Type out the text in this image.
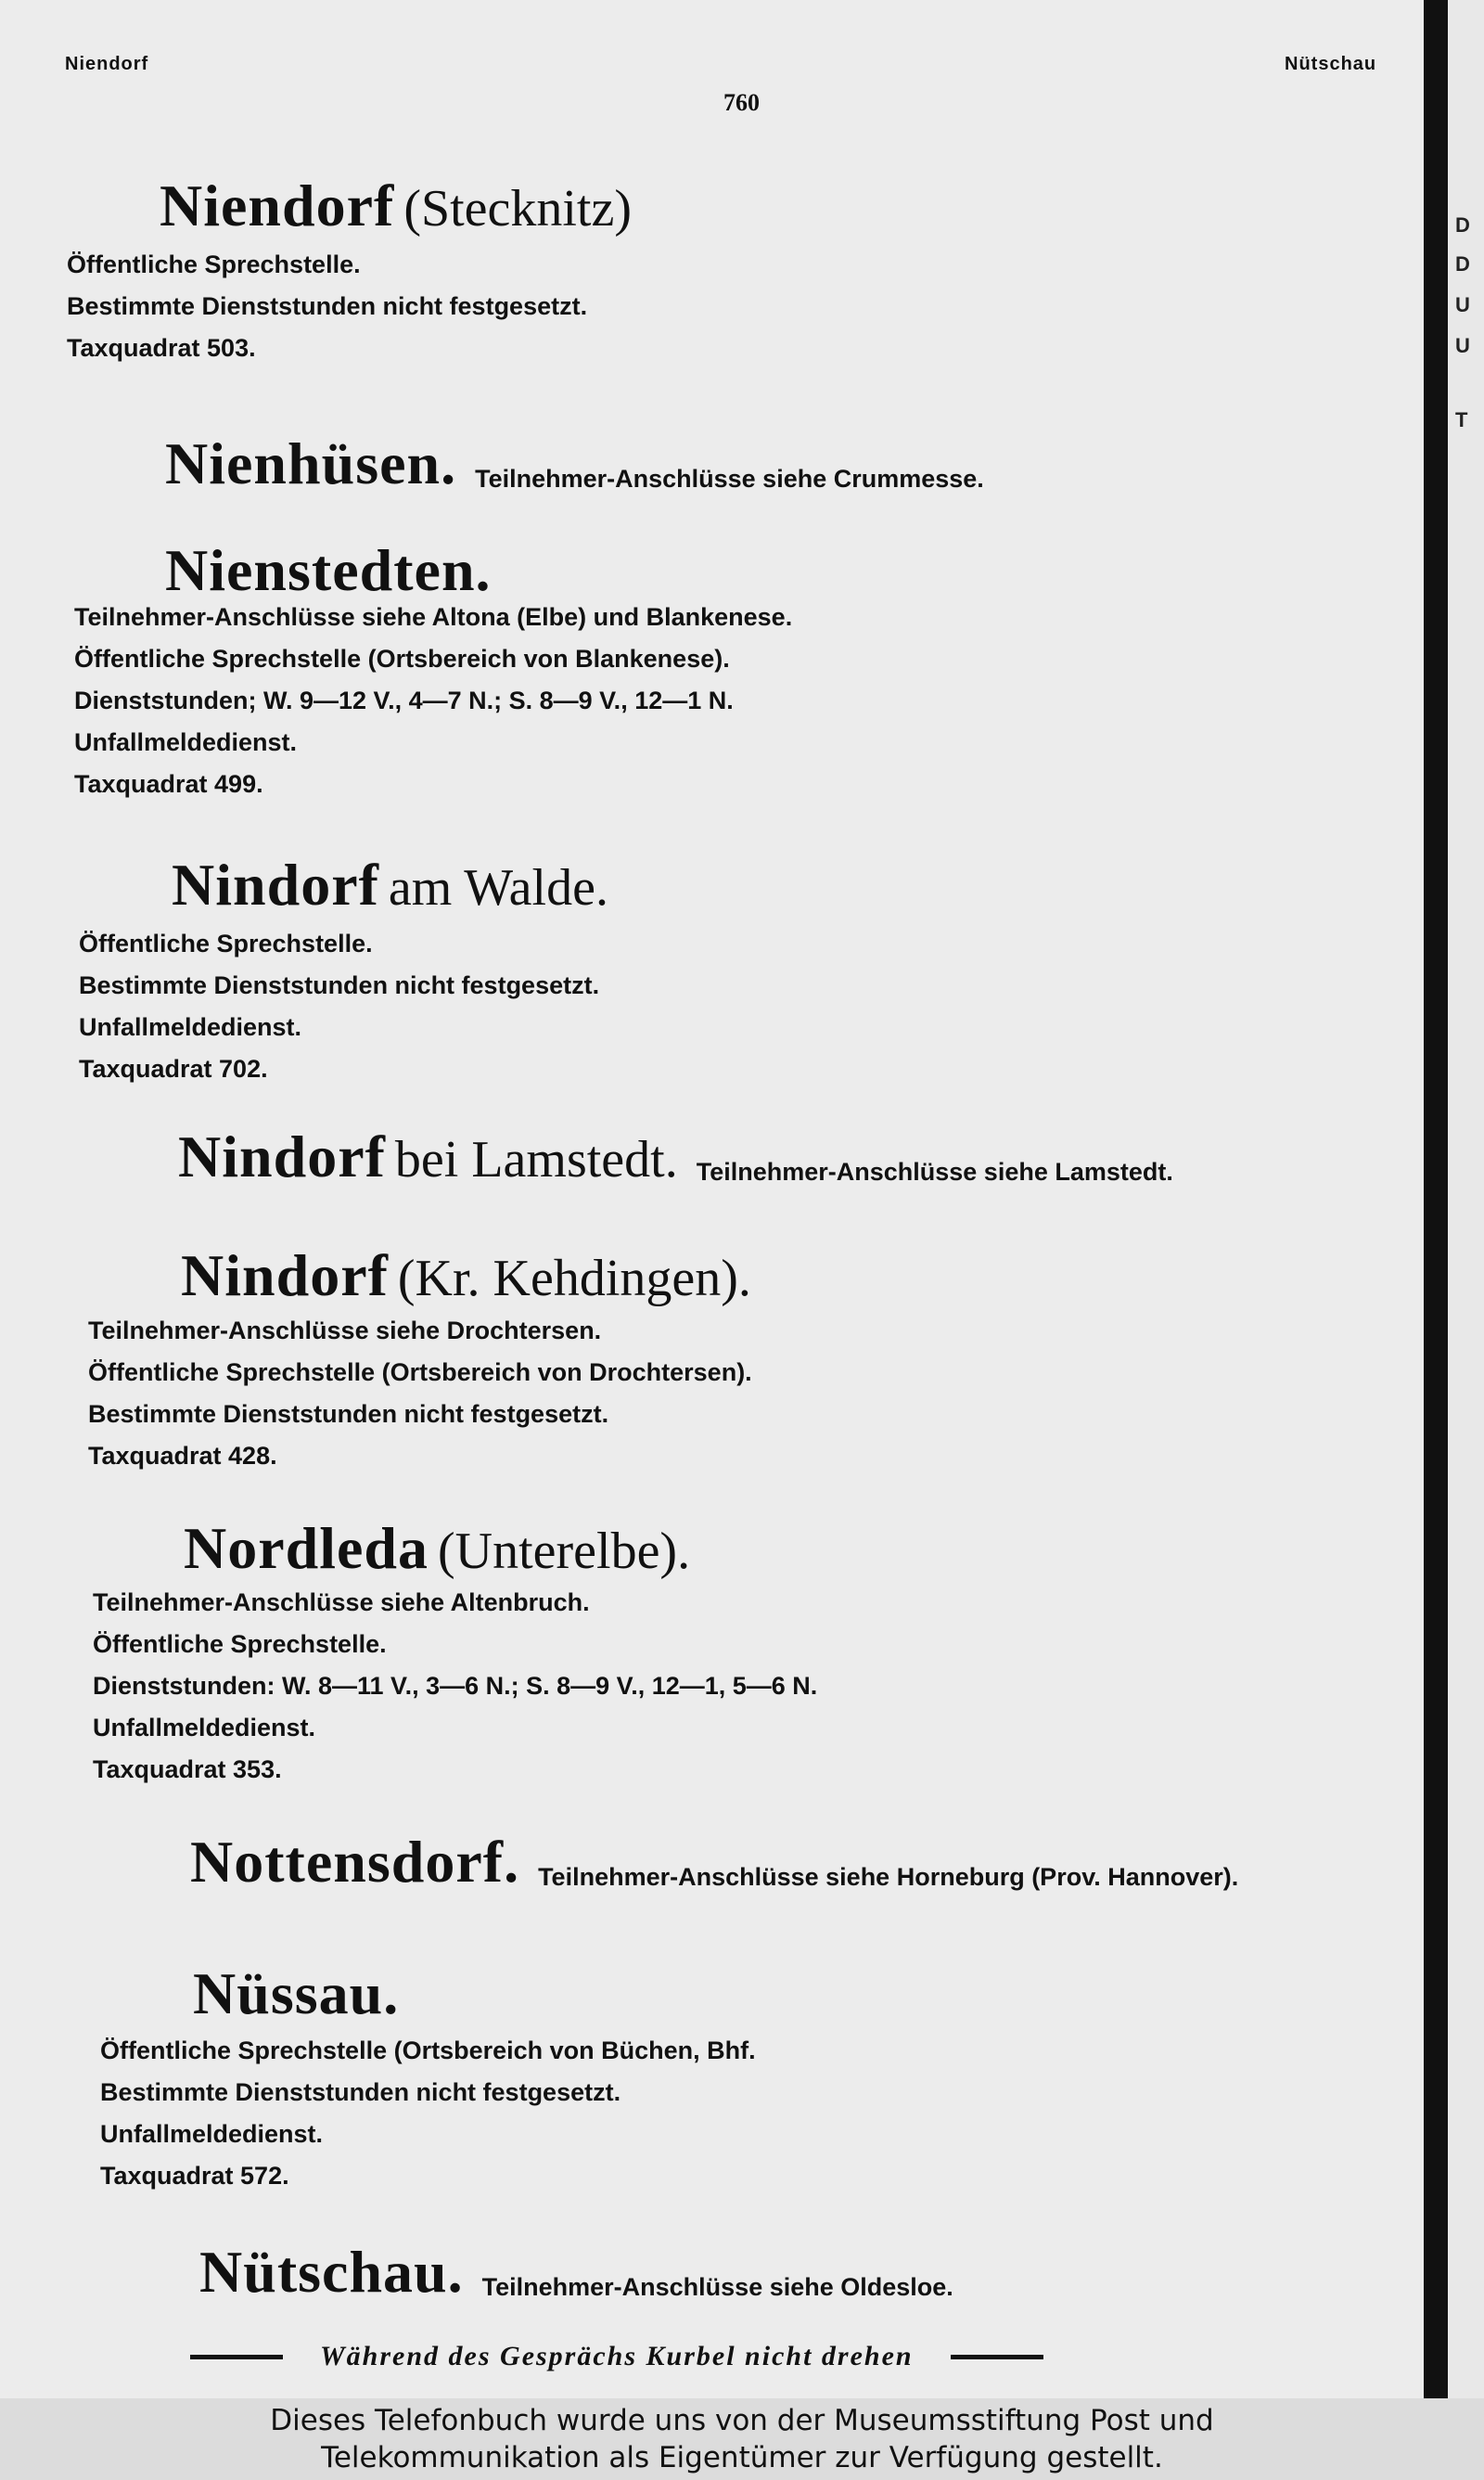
Niendorf	Nütschau
760
Niendorf (Stecknitz)
Öffentliche Sprechstelle.
Bestimmte Dienststunden nicht festgesetzt.
Taxquadrat 503.
Nienhüsen. Teilnehmer-Anschlüsse siehe Crummesse.
Nienstedten.
Teilnehmer-Anschlüsse siehe Altona (Elbe) und Blankenese.
Öffentliche Sprechstelle (Ortsbereich von Blankenese).
Dienststunden; W. 9—12 V., 4—7 N.; S. 8—9 V., 12—1 N.
Unfallmeldedienst.
Taxquadrat 499.
Nindorf am Walde.
Öffentliche Sprechstelle.
Bestimmte Dienststunden nicht festgesetzt.
Unfallmeldedienst.
Taxquadrat 702.
Nindorf bei Lamstedt. Teilnehmer-Anschlüsse siehe Lamstedt.
Nindorf (Kr. Kehdingen).
Teilnehmer-Anschlüsse siehe Drochtersen.
Öffentliche Sprechstelle (Ortsbereich von Drochtersen).
Bestimmte Dienststunden nicht festgesetzt.
Taxquadrat 428.
Nordleda (Unterelbe).
Teilnehmer-Anschlüsse siehe Altenbruch.
Öffentliche Sprechstelle.
Dienststunden: W. 8—11 V., 3—6 N.; S. 8—9 V., 12—1, 5—6 N.
Unfallmeldedienst.
Taxquadrat 353.
Nottensdorf. Teilnehmer-Anschlüsse siehe Horneburg (Prov. Hannover).
Nüssau.
Öffentliche Sprechstelle (Ortsbereich von Büchen, Bhf.
Bestimmte Dienststunden nicht festgesetzt.
Unfallmeldedienst.
Taxquadrat 572.
Nütschau. Teilnehmer-Anschlüsse siehe Oldesloe.
Während des Gesprächs Kurbel nicht drehen
D
D
U
U
T
Dieses Telefonbuch wurde uns von der Museumsstiftung Post und
Telekommunikation als Eigentümer zur Verfügung gestellt.
